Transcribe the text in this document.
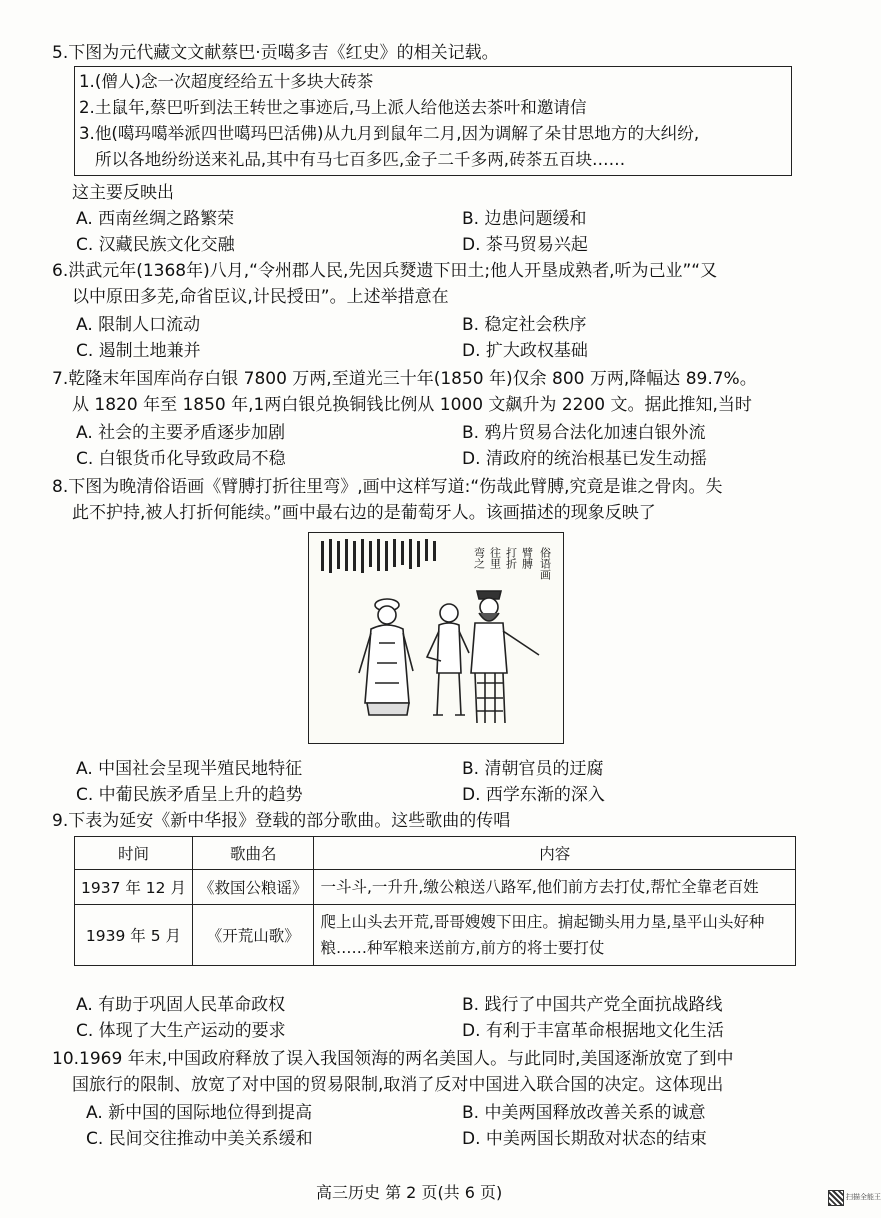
5.下图为元代藏文文献蔡巴·贡噶多吉《红史》的相关记载。
1.(僧人)念一次超度经给五十多块大砖茶
2.土鼠年,蔡巴听到法王转世之事迹后,马上派人给他送去茶叶和邀请信
3.他(噶玛噶举派四世噶玛巴活佛)从九月到鼠年二月,因为调解了朵甘思地方的大纠纷,
所以各地纷纷送来礼品,其中有马七百多匹,金子二千多两,砖茶五百块……
这主要反映出
A. 西南丝绸之路繁荣	B. 边患问题缓和
C. 汉藏民族文化交融	D. 茶马贸易兴起
6.洪武元年(1368年)八月,“令州郡人民,先因兵燹遗下田土;他人开垦成熟者,听为己业”“又
以中原田多芜,命省臣议,计民授田”。上述举措意在
A. 限制人口流动	B. 稳定社会秩序
C. 遏制土地兼并	D. 扩大政权基础
7.乾隆末年国库尚存白银 7800 万两,至道光三十年(1850 年)仅余 800 万两,降幅达 89.7%。
从 1820 年至 1850 年,1两白银兑换铜钱比例从 1000 文飙升为 2200 文。据此推知,当时
A. 社会的主要矛盾逐步加剧	B. 鸦片贸易合法化加速白银外流
C. 白银货币化导致政局不稳	D. 清政府的统治根基已发生动摇
8.下图为晚清俗语画《臂膊打折往里弯》,画中这样写道:“伤哉此臂膊,究竟是谁之骨肉。失
此不护持,被人打折何能续。”画中最右边的是葡萄牙人。该画描述的现象反映了
俗语画
臂膊
打折
往里
弯之
A. 中国社会呈现半殖民地特征	B. 清朝官员的迂腐
C. 中葡民族矛盾呈上升的趋势	D. 西学东渐的深入
9.下表为延安《新中华报》登载的部分歌曲。这些歌曲的传唱
时间	歌曲名	内容
1937 年 12 月	《救国公粮谣》	一斗斗,一升升,缴公粮送八路军,他们前方去打仗,帮忙全靠老百姓
1939 年 5 月	《开荒山歌》	爬上山头去开荒,哥哥嫂嫂下田庄。掮起锄头用力垦,垦平山头好种粮……种军粮来送前方,前方的将士要打仗
A. 有助于巩固人民革命政权	B. 践行了中国共产党全面抗战路线
C. 体现了大生产运动的要求	D. 有利于丰富革命根据地文化生活
10.1969 年末,中国政府释放了误入我国领海的两名美国人。与此同时,美国逐渐放宽了到中
国旅行的限制、放宽了对中国的贸易限制,取消了反对中国进入联合国的决定。这体现出
A. 新中国的国际地位得到提高	B. 中美两国释放改善关系的诚意
C. 民间交往推动中美关系缓和	D. 中美两国长期敌对状态的结束
高三历史 第 2 页(共 6 页)	扫描全能王
